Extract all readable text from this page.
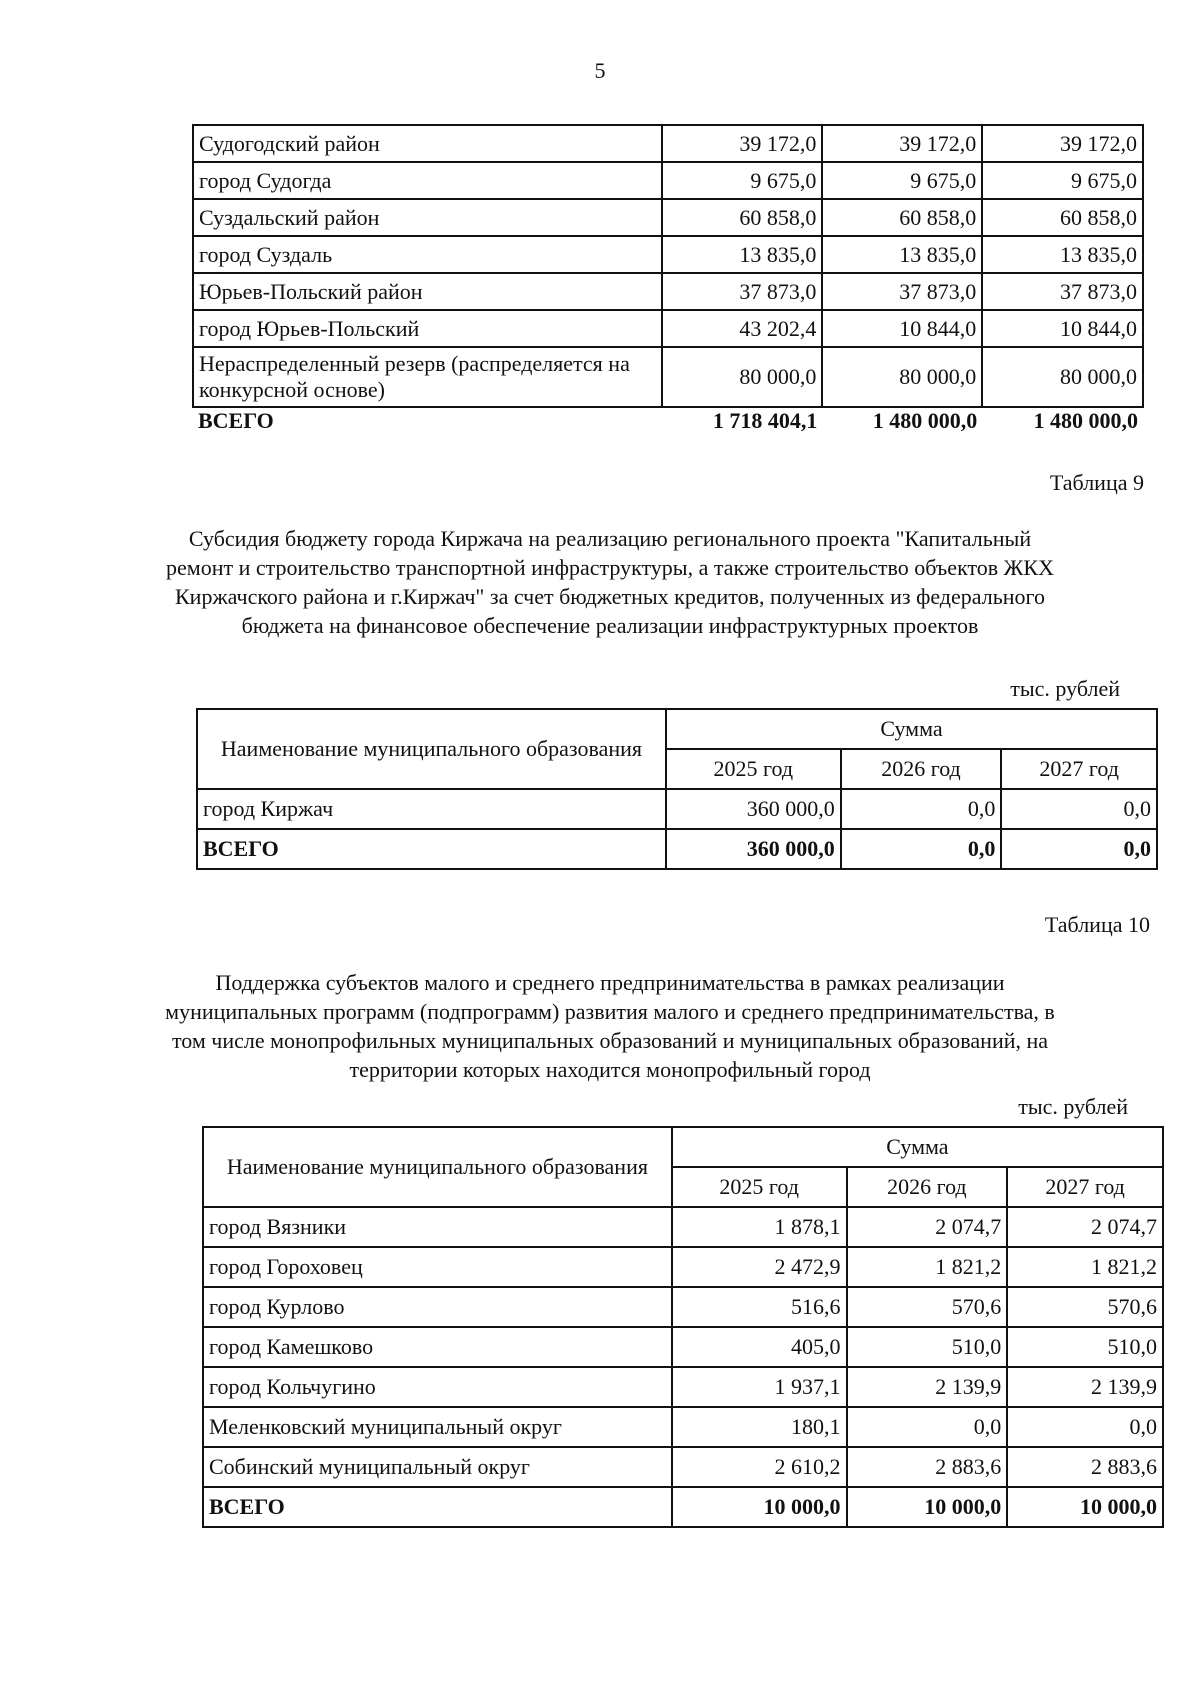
5
Судогодский район	39 172,0	39 172,0	39 172,0
город Судогда	9 675,0	9 675,0	9 675,0
Суздальский район	60 858,0	60 858,0	60 858,0
город Суздаль	13 835,0	13 835,0	13 835,0
Юрьев-Польский район	37 873,0	37 873,0	37 873,0
город Юрьев-Польский	43 202,4	10 844,0	10 844,0
Нераспределенный резерв (распределяется на конкурсной основе)	80 000,0	80 000,0	80 000,0
ВСЕГО	1 718 404,1	1 480 000,0	1 480 000,0
Таблица 9
Субсидия бюджету города Киржача на реализацию регионального проекта "Капитальный ремонт и строительство транспортной инфраструктуры, а также строительство объектов ЖКХ Киржачского района и г.Киржач" за счет бюджетных кредитов, полученных из федерального бюджета на финансовое обеспечение реализации инфраструктурных проектов
тыс. рублей
Наименование муниципального образования	Сумма		
	2025 год	2026 год	2027 год
город Киржач	360 000,0	0,0	0,0
ВСЕГО	360 000,0	0,0	0,0
Таблица 10
Поддержка субъектов малого и среднего предпринимательства в рамках реализации муниципальных программ (подпрограмм) развития малого и среднего предпринимательства, в том числе монопрофильных муниципальных образований и муниципальных образований, на территории которых находится монопрофильный город
тыс. рублей
Наименование муниципального образования	Сумма		
	2025 год	2026 год	2027 год
город Вязники	1 878,1	2 074,7	2 074,7
город Гороховец	2 472,9	1 821,2	1 821,2
город Курлово	516,6	570,6	570,6
город Камешково	405,0	510,0	510,0
город Кольчугино	1 937,1	2 139,9	2 139,9
Меленковский муниципальный округ	180,1	0,0	0,0
Собинский муниципальный округ	2 610,2	2 883,6	2 883,6
ВСЕГО	10 000,0	10 000,0	10 000,0
